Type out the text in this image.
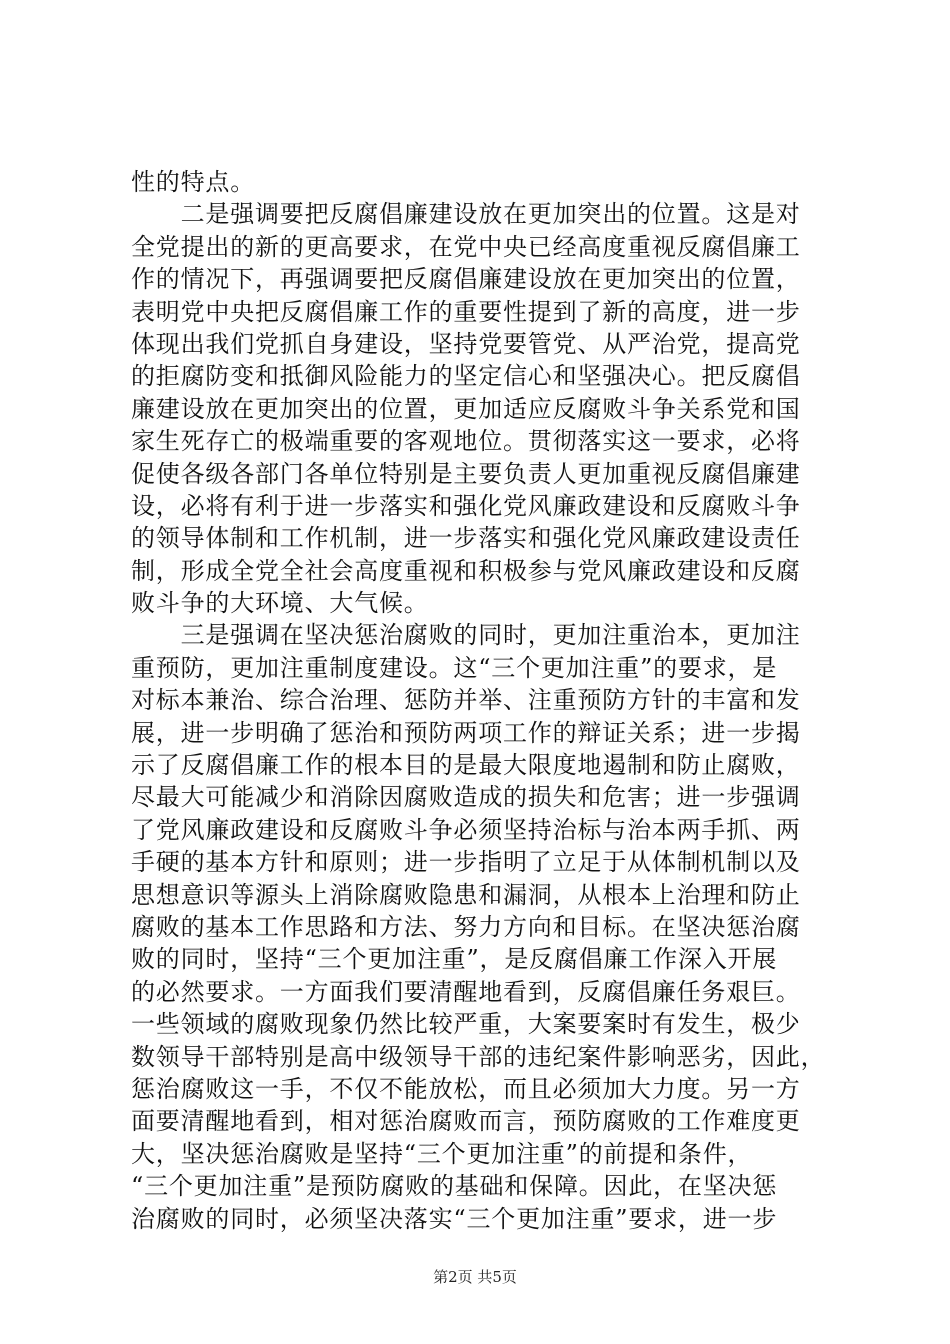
性的特点。
　　二是强调要把反腐倡廉建设放在更加突出的位置。这是对
全党提出的新的更高要求，在党中央已经高度重视反腐倡廉工
作的情况下，再强调要把反腐倡廉建设放在更加突出的位置，
表明党中央把反腐倡廉工作的重要性提到了新的高度，进一步
体现出我们党抓自身建设，坚持党要管党、从严治党，提高党
的拒腐防变和抵御风险能力的坚定信心和坚强决心。把反腐倡
廉建设放在更加突出的位置，更加适应反腐败斗争关系党和国
家生死存亡的极端重要的客观地位。贯彻落实这一要求，必将
促使各级各部门各单位特别是主要负责人更加重视反腐倡廉建
设，必将有利于进一步落实和强化党风廉政建设和反腐败斗争
的领导体制和工作机制，进一步落实和强化党风廉政建设责任
制，形成全党全社会高度重视和积极参与党风廉政建设和反腐
败斗争的大环境、大气候。
　　三是强调在坚决惩治腐败的同时，更加注重治本，更加注
重预防，更加注重制度建设。这“三个更加注重”的要求，是
对标本兼治、综合治理、惩防并举、注重预防方针的丰富和发
展，进一步明确了惩治和预防两项工作的辩证关系；进一步揭
示了反腐倡廉工作的根本目的是最大限度地遏制和防止腐败，
尽最大可能减少和消除因腐败造成的损失和危害；进一步强调
了党风廉政建设和反腐败斗争必须坚持治标与治本两手抓、两
手硬的基本方针和原则；进一步指明了立足于从体制机制以及
思想意识等源头上消除腐败隐患和漏洞，从根本上治理和防止
腐败的基本工作思路和方法、努力方向和目标。在坚决惩治腐
败的同时，坚持“三个更加注重”，是反腐倡廉工作深入开展
的必然要求。一方面我们要清醒地看到，反腐倡廉任务艰巨。
一些领域的腐败现象仍然比较严重，大案要案时有发生，极少
数领导干部特别是高中级领导干部的违纪案件影响恶劣，因此，
惩治腐败这一手，不仅不能放松，而且必须加大力度。另一方
面要清醒地看到，相对惩治腐败而言，预防腐败的工作难度更
大，坚决惩治腐败是坚持“三个更加注重”的前提和条件，
“三个更加注重”是预防腐败的基础和保障。因此，在坚决惩
治腐败的同时，必须坚决落实“三个更加注重”要求，进一步
第2页 共5页
